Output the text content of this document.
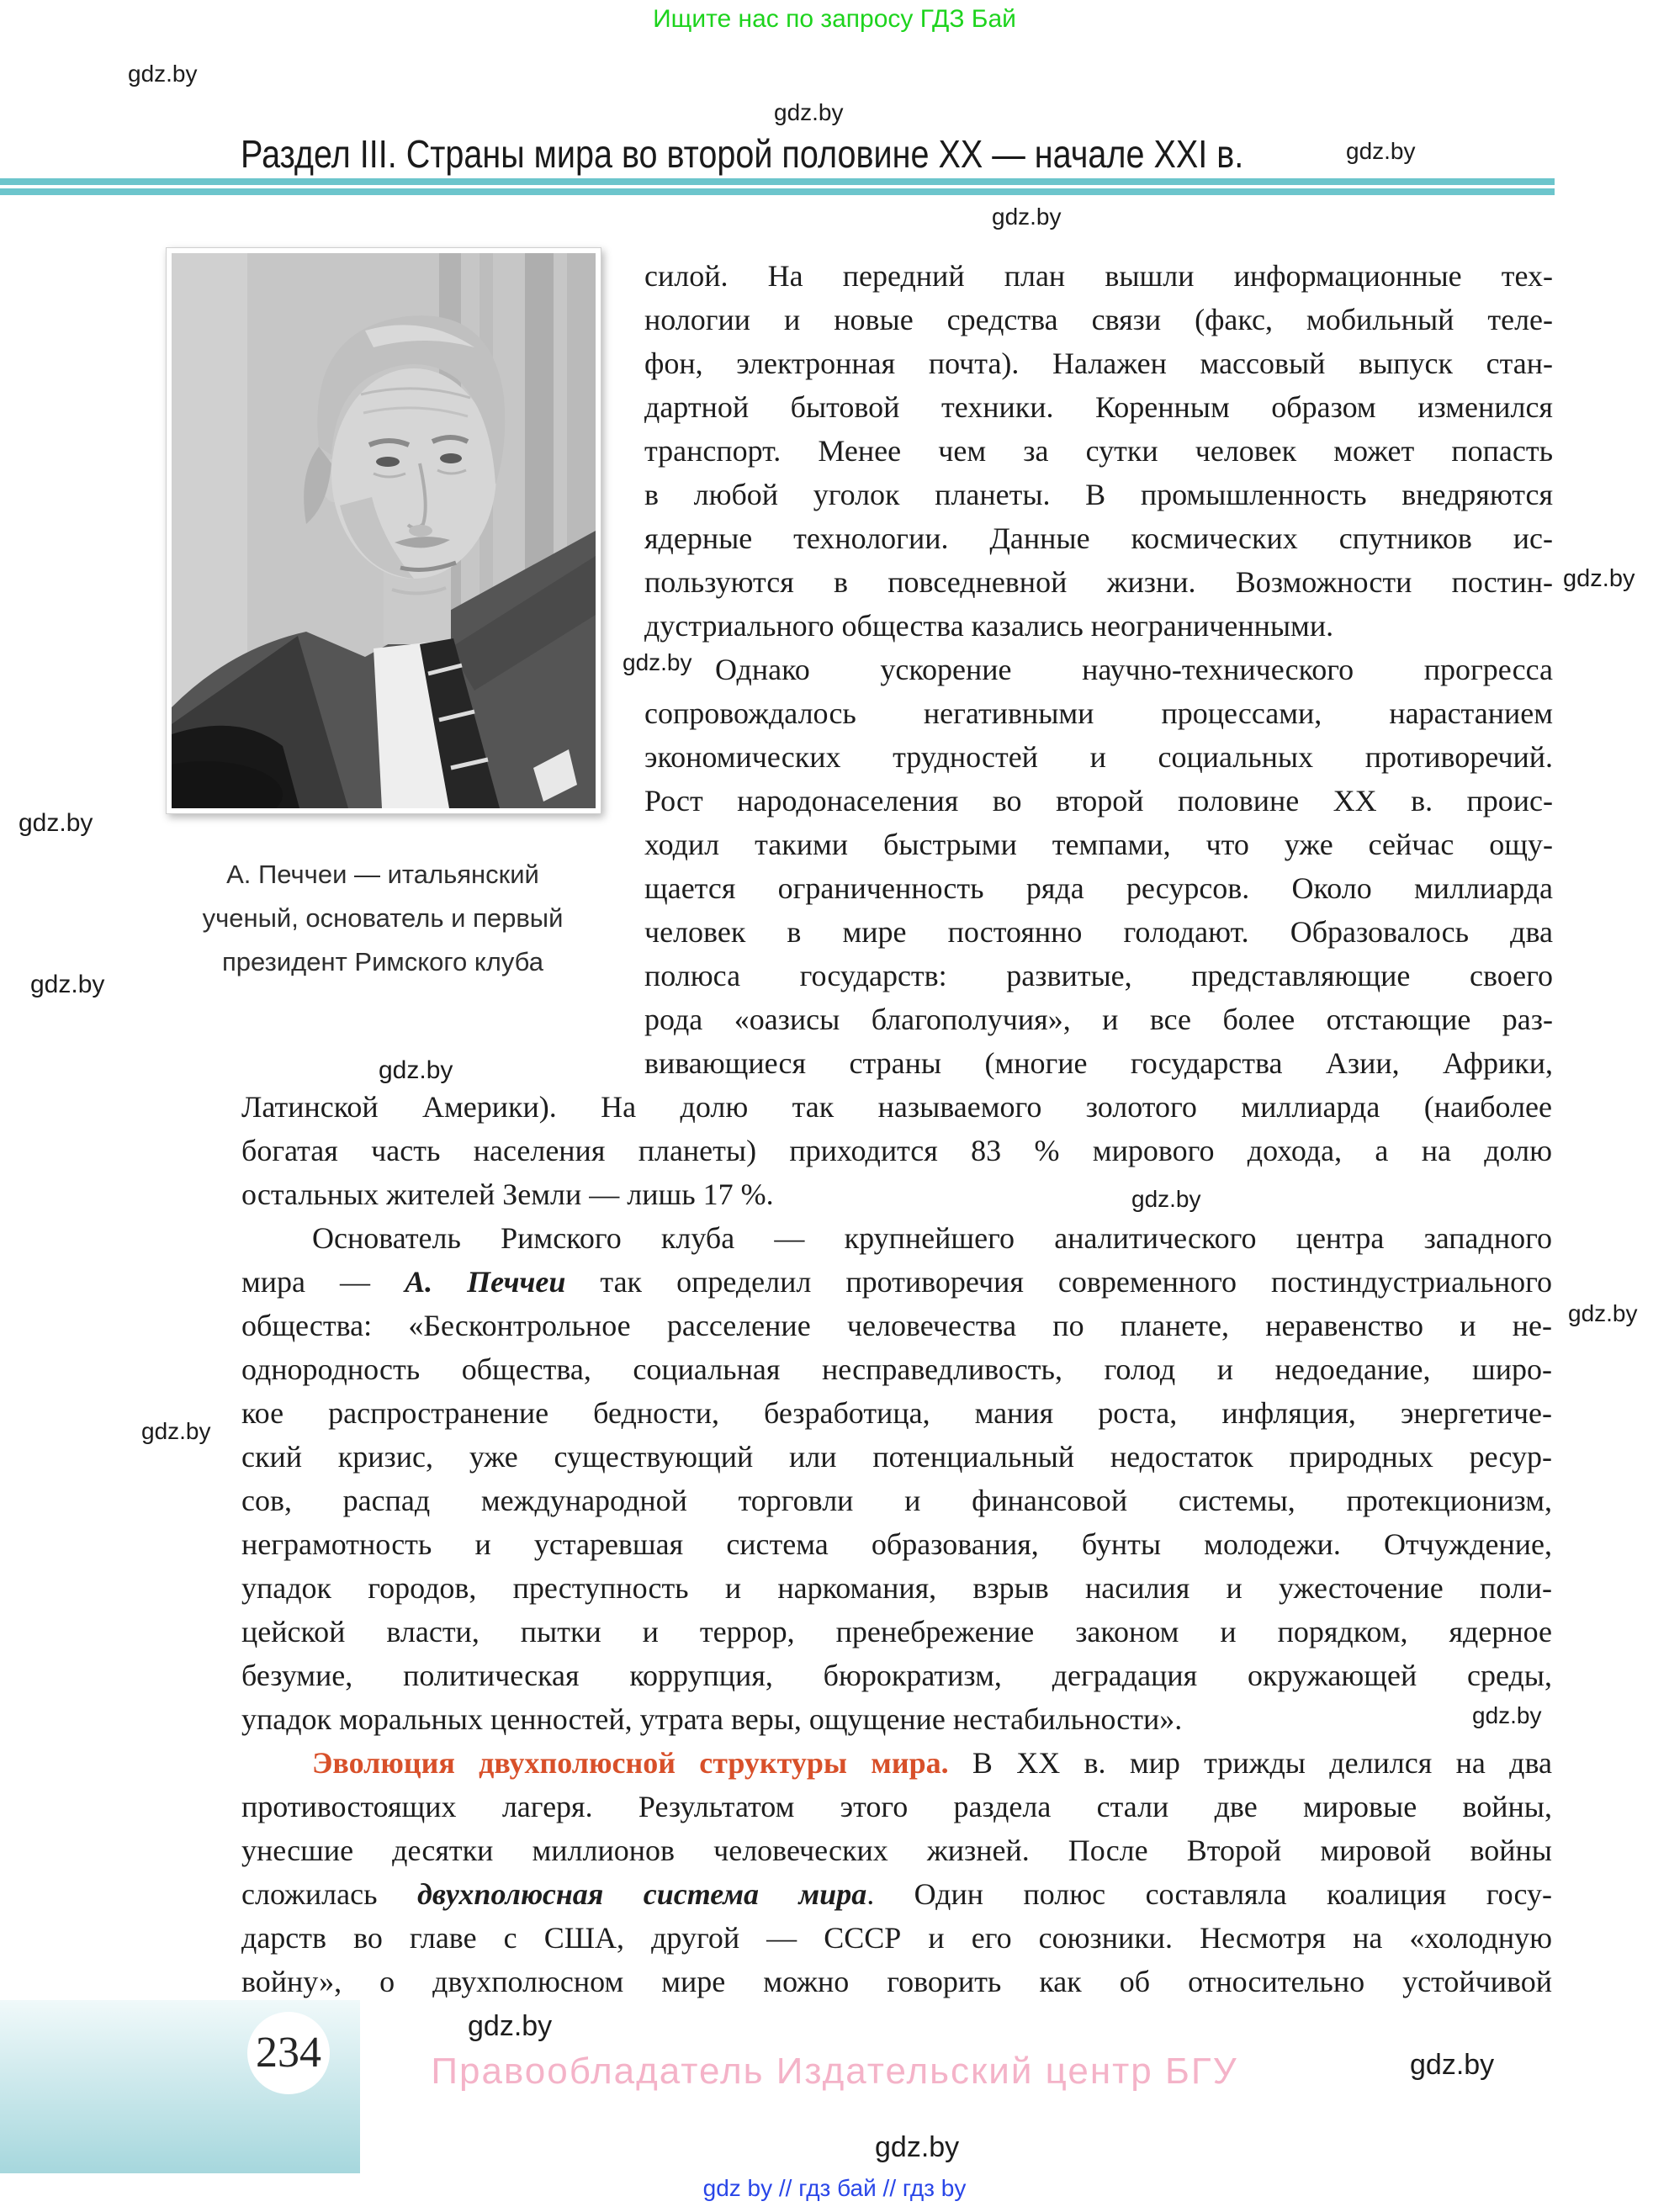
Ищите нас по запросу ГДЗ Бай
Раздел III. Страны мира во второй половине XX — начале XXI в.
А. Печчеи — итальянский
ученый, основатель и первый
президент Римского клуба
силой. На передний план вышли информационные тех-
нологии и новые средства связи (факс, мобильный теле-
фон, электронная почта). Налажен массовый выпуск стан-
дартной бытовой техники. Коренным образом изменился
транспорт. Менее чем за сутки человек может попасть
в любой уголок планеты. В промышленность внедряются
ядерные технологии. Данные космических спутников ис-
пользуются в повседневной жизни. Возможности постин-
дустриального общества казались неограниченными.
Однако ускорение научно-технического прогресса
сопровождалось негативными процессами, нарастанием
экономических трудностей и социальных противоречий.
Рост народонаселения во второй половине XX в. проис-
ходил такими быстрыми темпами, что уже сейчас ощу-
щается ограниченность ряда ресурсов. Около миллиарда
человек в мире постоянно голодают. Образовалось два
полюса государств: развитые, представляющие своего
рода «оазисы благополучия», и все более отстающие раз-
вивающиеся страны (многие государства Азии, Африки,
Латинской Америки). На долю так называемого золотого миллиарда (наиболее
богатая часть населения планеты) приходится 83 % мирового дохода, а на долю
остальных жителей Земли — лишь 17 %.
Основатель Римского клуба — крупнейшего аналитического центра западного
мира — А. Печчеи так определил противоречия современного постиндустриального
общества: «Бесконтрольное расселение человечества по планете, неравенство и не-
однородность общества, социальная несправедливость, голод и недоедание, широ-
кое распространение бедности, безработица, мания роста, инфляция, энергетиче-
ский кризис, уже существующий или потенциальный недостаток природных ресур-
сов, распад международной торговли и финансовой системы, протекционизм,
неграмотность и устаревшая система образования, бунты молодежи. Отчуждение,
упадок городов, преступность и наркомания, взрыв насилия и ужесточение поли-
цейской власти, пытки и террор, пренебрежение законом и порядком, ядерное
безумие, политическая коррупция, бюрократизм, деградация окружающей среды,
упадок моральных ценностей, утрата веры, ощущение нестабильности».
Эволюция двухполюсной структуры мира. В XX в. мир трижды делился на два
противостоящих лагеря. Результатом этого раздела стали две мировые войны,
унесшие десятки миллионов человеческих жизней. После Второй мировой войны
сложилась двухполюсная система мира. Один полюс составляла коалиция госу-
дарств во главе с США, другой — СССР и его союзники. Несмотря на «холодную
войну», о двухполюсном мире можно говорить как об относительно устойчивой
gdz.by
gdz.by
gdz.by
gdz.by
gdz.by
gdz.by
gdz.by
gdz.by
gdz.by
gdz.by
gdz.by
gdz.by
gdz.by
gdz.by
gdz.by
gdz.by
234	Правообладатель Издательский центр БГУ
gdz by // гдз бай // гдз by
